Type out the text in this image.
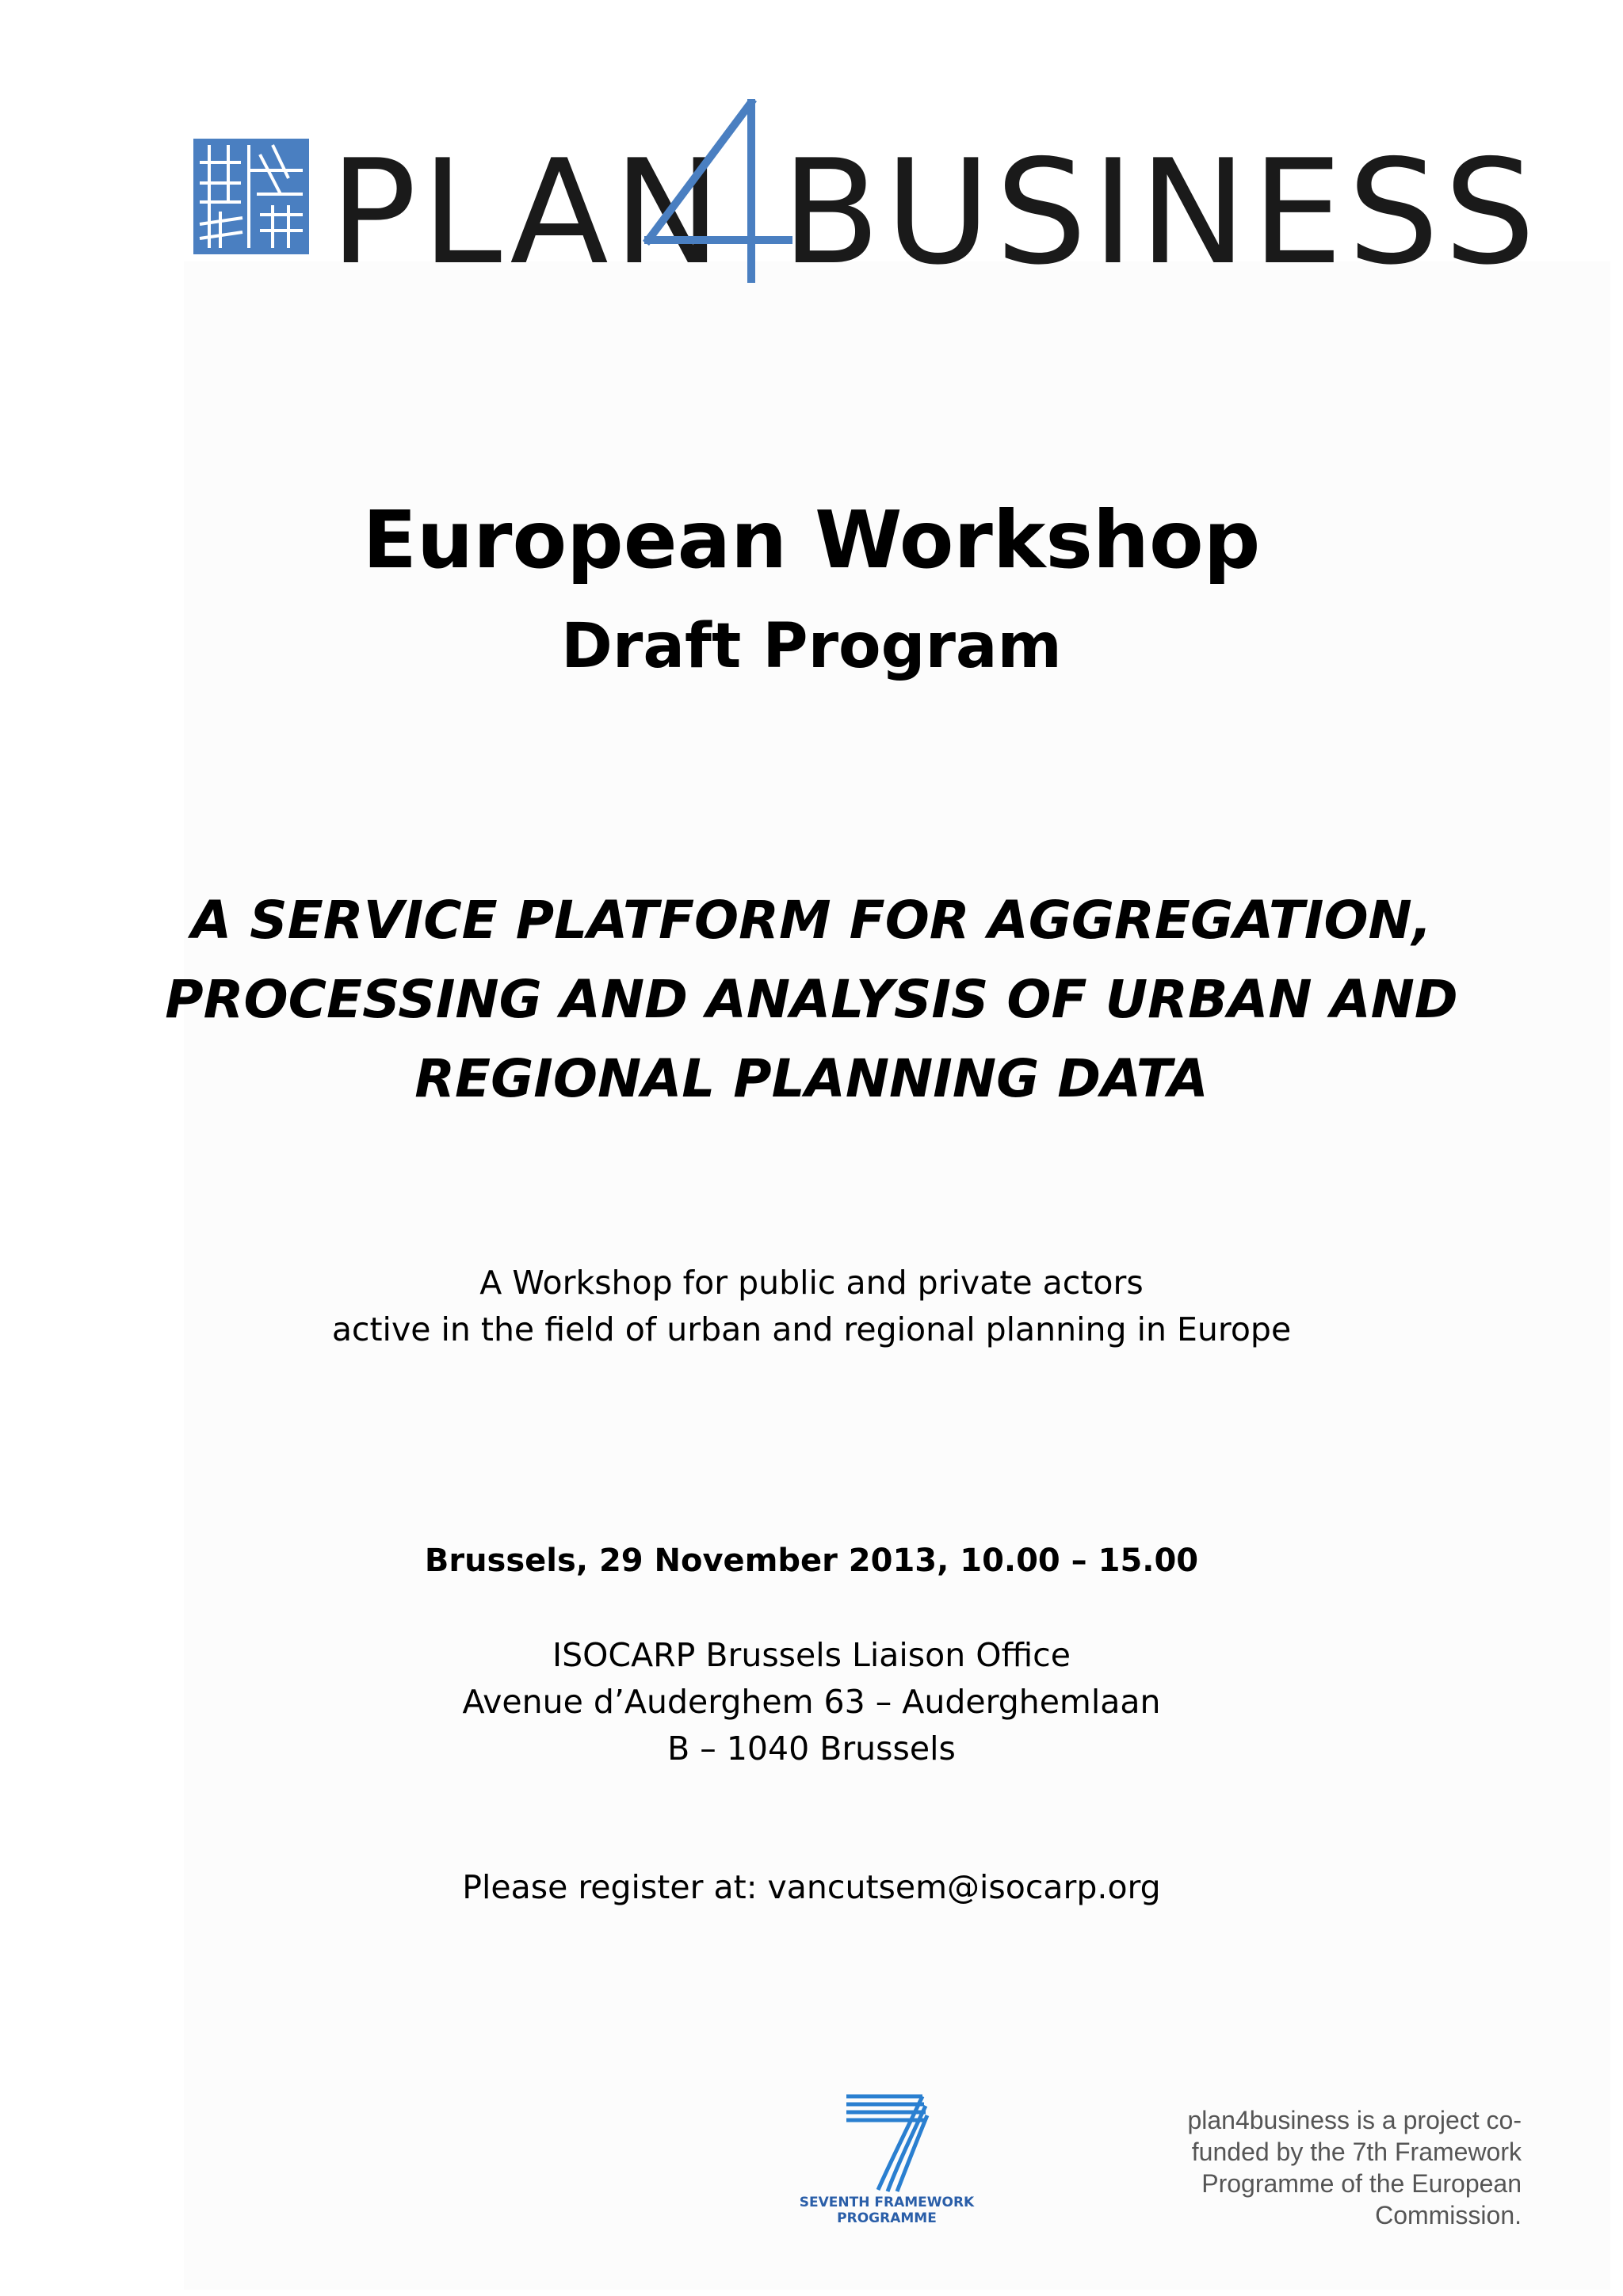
PLAN BUSINESS
European Workshop
Draft Program
A SERVICE PLATFORM FOR AGGREGATION,
PROCESSING AND ANALYSIS OF URBAN AND
REGIONAL PLANNING DATA
A Workshop for public and private actors
active in the field of urban and regional planning in Europe
Brussels, 29 November 2013, 10.00 – 15.00
ISOCARP Brussels Liaison Office
Avenue d’Auderghem 63 – Auderghemlaan
B – 1040 Brussels
Please register at: vancutsem@isocarp.org
SEVENTH FRAMEWORK
PROGRAMME
plan4business is a project co-
funded by the 7th Framework
Programme of the European
Commission.
